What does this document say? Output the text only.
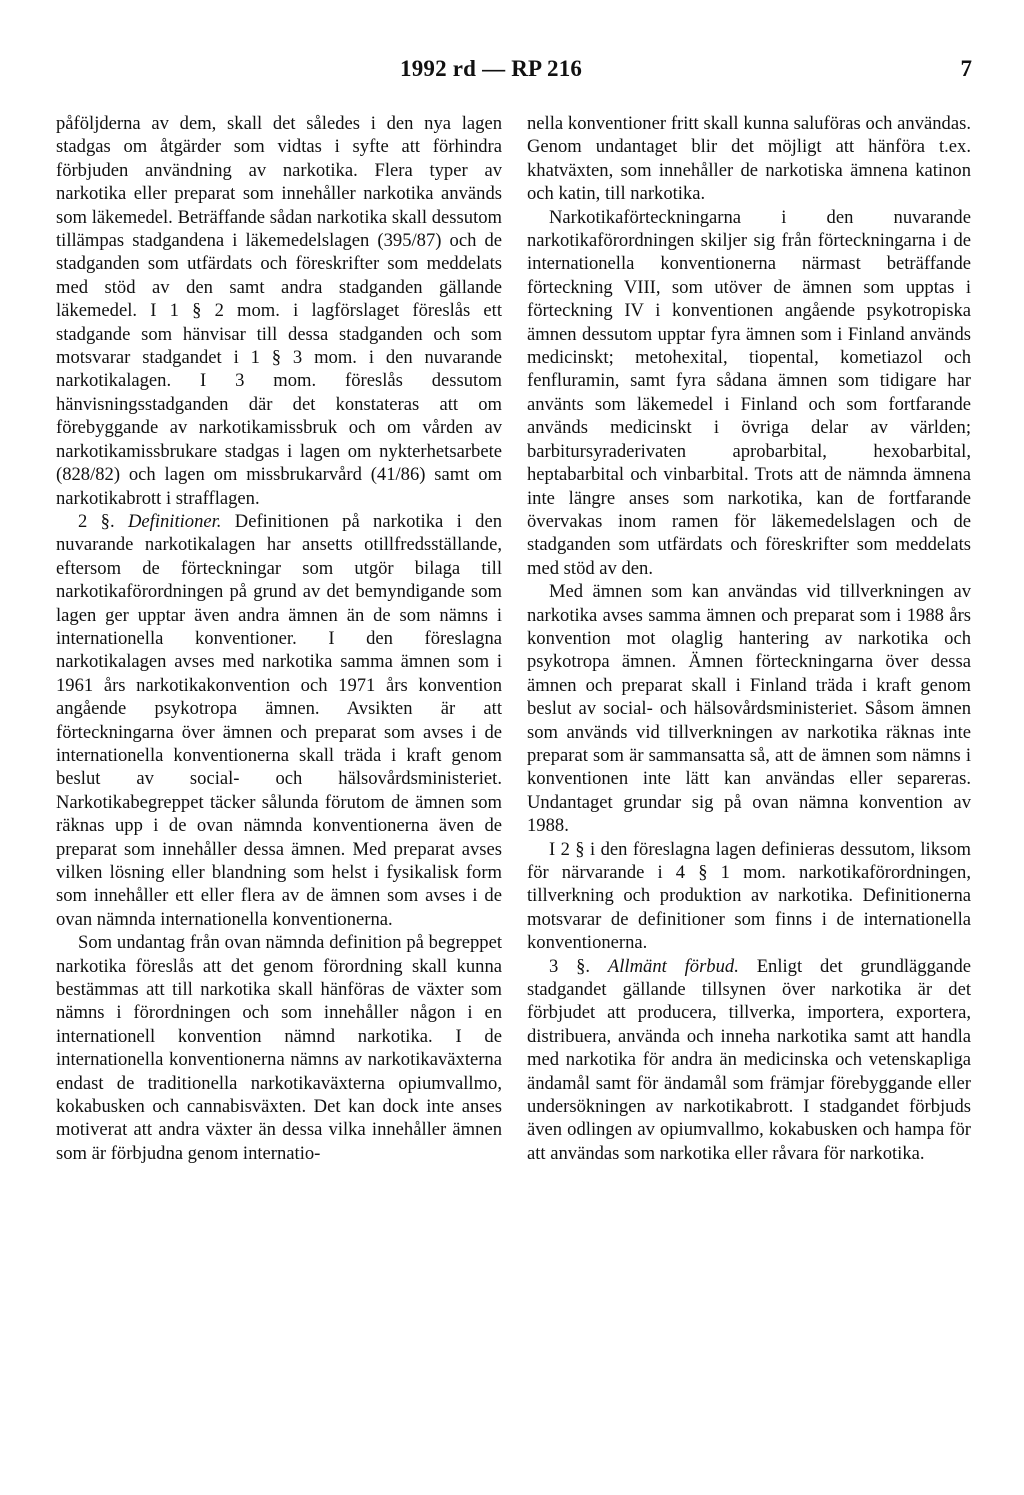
1992 rd — RP 216	7

påföljderna av dem, skall det således i den nya lagen stadgas om åtgärder som vidtas i syfte att förhindra förbjuden användning av narkotika. Flera typer av narkotika eller preparat som innehåller narkotika används som läkemedel. Beträffande sådan narkotika skall dessutom tillämpas stadgandena i läkemedelslagen (395/87) och de stadganden som utfärdats och föreskrifter som meddelats med stöd av den samt andra stadganden gällande läkemedel. I 1 § 2 mom. i lagförslaget föreslås ett stadgande som hänvisar till dessa stadganden och som motsvarar stadgandet i 1 § 3 mom. i den nuvarande narkotikalagen. I 3 mom. föreslås dessutom hänvisningsstadganden där det konstateras att om förebyggande av narkotikamissbruk och om vården av narkotikamissbrukare stadgas i lagen om nykterhetsarbete (828/82) och lagen om missbrukarvård (41/86) samt om narkotikabrott i strafflagen.

2 §. Definitioner. Definitionen på narkotika i den nuvarande narkotikalagen har ansetts otillfredsställande, eftersom de förteckningar som utgör bilaga till narkotikaförordningen på grund av det bemyndigande som lagen ger upptar även andra ämnen än de som nämns i internationella konventioner. I den föreslagna narkotikalagen avses med narkotika samma ämnen som i 1961 års narkotikakonvention och 1971 års konvention angående psykotropa ämnen. Avsikten är att förteckningarna över ämnen och preparat som avses i de internationella konventionerna skall träda i kraft genom beslut av social- och hälsovårdsministeriet. Narkotikabegreppet täcker sålunda förutom de ämnen som räknas upp i de ovan nämnda konventionerna även de preparat som innehåller dessa ämnen. Med preparat avses vilken lösning eller blandning som helst i fysikalisk form som innehåller ett eller flera av de ämnen som avses i de ovan nämnda internationella konventionerna.

Som undantag från ovan nämnda definition på begreppet narkotika föreslås att det genom förordning skall kunna bestämmas att till narkotika skall hänföras de växter som nämns i förordningen och som innehåller någon i en internationell konvention nämnd narkotika. I de internationella konventionerna nämns av narkotikaväxterna endast de traditionella narkotikaväxterna opiumvallmo, kokabusken och cannabisväxten. Det kan dock inte anses motiverat att andra växter än dessa vilka innehåller ämnen som är förbjudna genom internatio-

nella konventioner fritt skall kunna saluföras och användas. Genom undantaget blir det möjligt att hänföra t.ex. khatväxten, som innehåller de narkotiska ämnena katinon och katin, till narkotika.

Narkotikaförteckningarna i den nuvarande narkotikaförordningen skiljer sig från förteckningarna i de internationella konventionerna närmast beträffande förteckning VIII, som utöver de ämnen som upptas i förteckning IV i konventionen angående psykotropiska ämnen dessutom upptar fyra ämnen som i Finland används medicinskt; metohexital, tiopental, kometiazol och fenfluramin, samt fyra sådana ämnen som tidigare har använts som läkemedel i Finland och som fortfarande används medicinskt i övriga delar av världen; barbitursyraderivaten aprobarbital, hexobarbital, heptabarbital och vinbarbital. Trots att de nämnda ämnena inte längre anses som narkotika, kan de fortfarande övervakas inom ramen för läkemedelslagen och de stadganden som utfärdats och föreskrifter som meddelats med stöd av den.

Med ämnen som kan användas vid tillverkningen av narkotika avses samma ämnen och preparat som i 1988 års konvention mot olaglig hantering av narkotika och psykotropa ämnen. Ämnen förteckningarna över dessa ämnen och preparat skall i Finland träda i kraft genom beslut av social- och hälsovårdsministeriet. Såsom ämnen som används vid tillverkningen av narkotika räknas inte preparat som är sammansatta så, att de ämnen som nämns i konventionen inte lätt kan användas eller separeras. Undantaget grundar sig på ovan nämna konvention av 1988.

I 2 § i den föreslagna lagen definieras dessutom, liksom för närvarande i 4 § 1 mom. narkotikaförordningen, tillverkning och produktion av narkotika. Definitionerna motsvarar de definitioner som finns i de internationella konventionerna.

3 §. Allmänt förbud. Enligt det grundläggande stadgandet gällande tillsynen över narkotika är det förbjudet att producera, tillverka, importera, exportera, distribuera, använda och inneha narkotika samt att handla med narkotika för andra än medicinska och vetenskapliga ändamål samt för ändamål som främjar förebyggande eller undersökningen av narkotikabrott. I stadgandet förbjuds även odlingen av opiumvallmo, kokabusken och hampa för att användas som narkotika eller råvara för narkotika.
